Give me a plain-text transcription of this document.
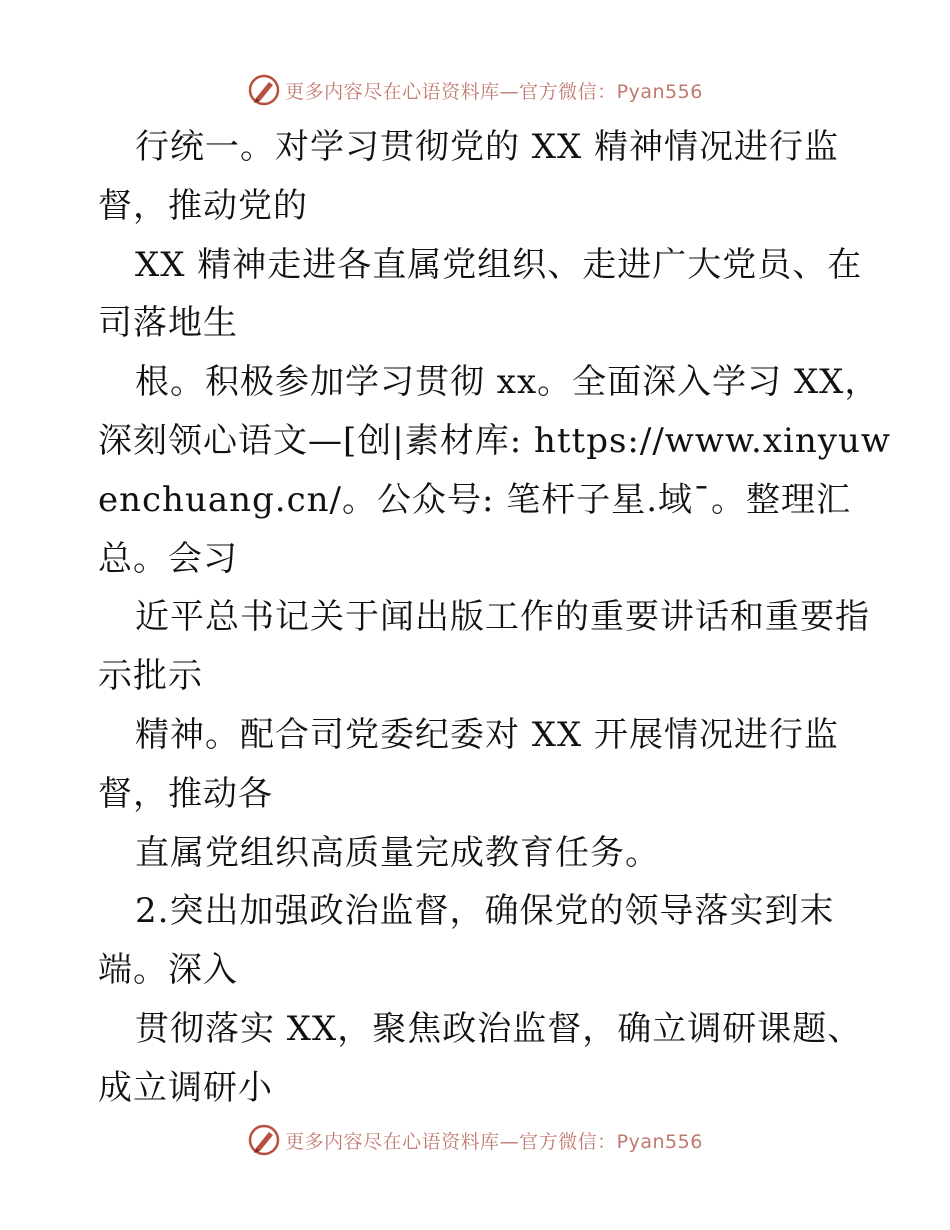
更多内容尽在心语资料库—官方微信：Pyan556
行统一。对学习贯彻党的 XX 精神情况进行监
督，推动党的
XX 精神走进各直属党组织、走进广大党员、在
司落地生
根。积极参加学习贯彻 xx。全面深入学习 XX，
深刻领心语文—[创|素材库: https://www.xinyuw
enchuang.cn/。公众号: 笔杆子星.域¯。整理汇
总。会习
近平总书记关于闻出版工作的重要讲话和重要指
示批示
精神。配合司党委纪委对 XX 开展情况进行监
督，推动各
直属党组织高质量完成教育任务。
2.突出加强政治监督，确保党的领导落实到末
端。深入
贯彻落实 XX，聚焦政治监督，确立调研课题、
成立调研小
更多内容尽在心语资料库—官方微信：Pyan556
